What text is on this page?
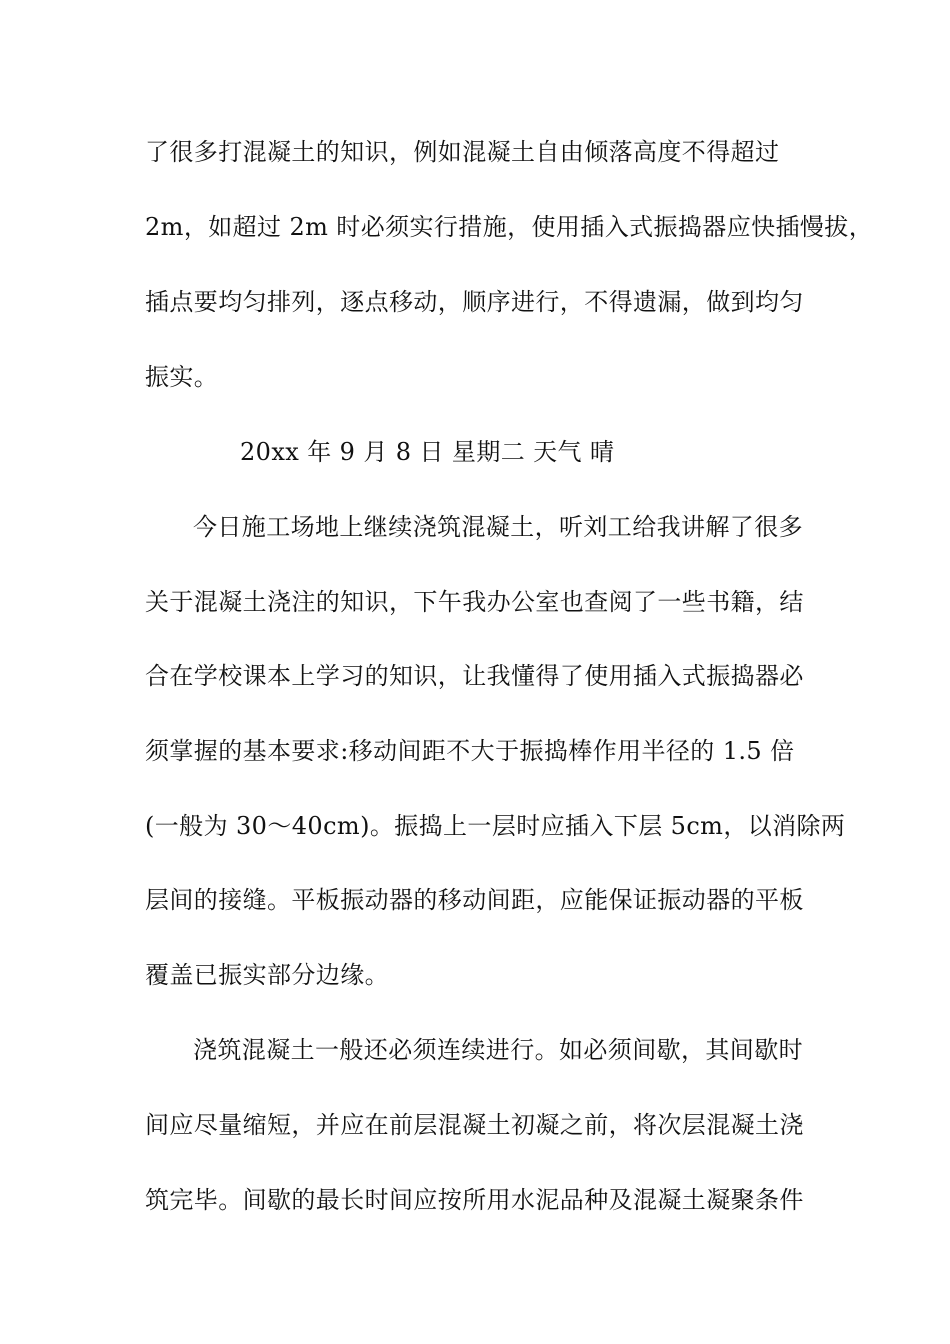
了很多打混凝土的知识，例如混凝土自由倾落高度不得超过
2m，如超过 2m 时必须实行措施，使用插入式振捣器应快插慢拔，
插点要均匀排列，逐点移动，顺序进行，不得遗漏，做到均匀
振实。
20xx 年 9 月 8 日 星期二 天气 晴
今日施工场地上继续浇筑混凝土，听刘工给我讲解了很多
关于混凝土浇注的知识，下午我办公室也查阅了一些书籍，结
合在学校课本上学习的知识，让我懂得了使用插入式振捣器必
须掌握的基本要求:移动间距不大于振捣棒作用半径的 1.5 倍
(一般为 30～40cm)。振捣上一层时应插入下层 5cm，以消除两
层间的接缝。平板振动器的移动间距，应能保证振动器的平板
覆盖已振实部分边缘。
浇筑混凝土一般还必须连续进行。如必须间歇，其间歇时
间应尽量缩短，并应在前层混凝土初凝之前，将次层混凝土浇
筑完毕。间歇的最长时间应按所用水泥品种及混凝土凝聚条件
